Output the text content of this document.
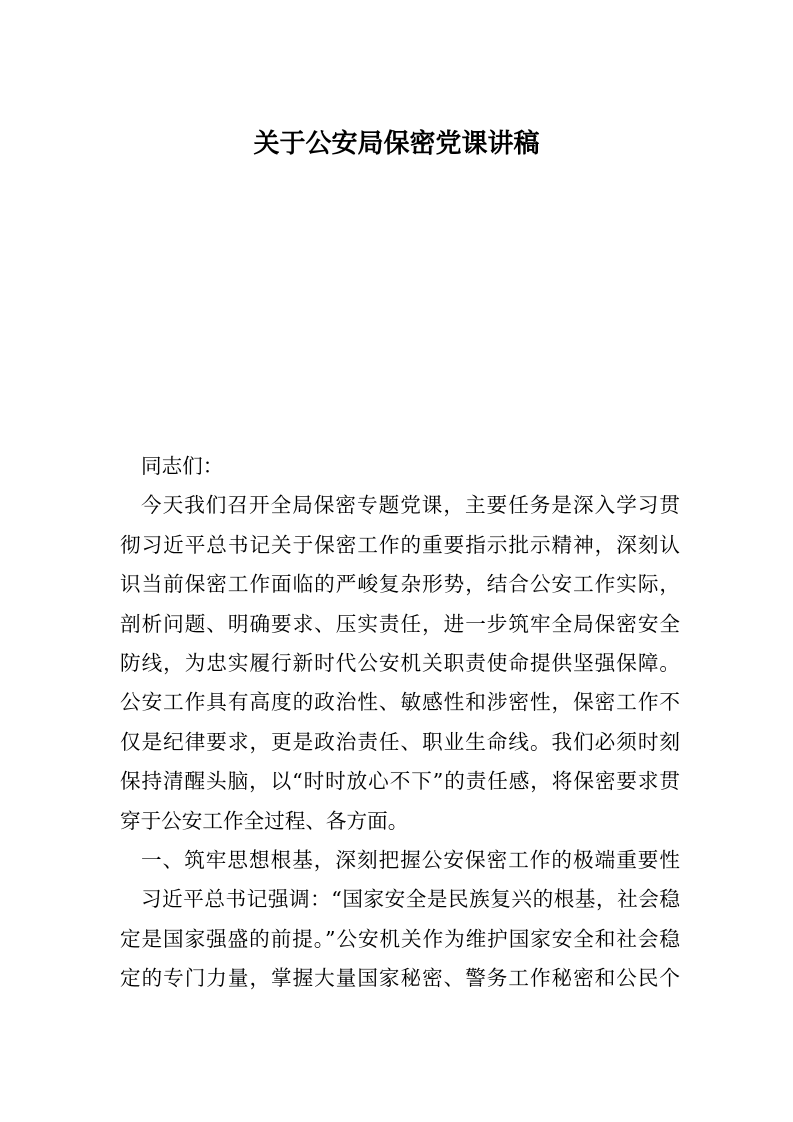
关于公安局保密党课讲稿
同志们：
今天我们召开全局保密专题党课，主要任务是深入学习贯
彻习近平总书记关于保密工作的重要指示批示精神，深刻认
识当前保密工作面临的严峻复杂形势，结合公安工作实际，
剖析问题、明确要求、压实责任，进一步筑牢全局保密安全
防线，为忠实履行新时代公安机关职责使命提供坚强保障。
公安工作具有高度的政治性、敏感性和涉密性，保密工作不
仅是纪律要求，更是政治责任、职业生命线。我们必须时刻
保持清醒头脑，以“时时放心不下”的责任感，将保密要求贯
穿于公安工作全过程、各方面。
一、筑牢思想根基，深刻把握公安保密工作的极端重要性
习近平总书记强调：“国家安全是民族复兴的根基，社会稳
定是国家强盛的前提。”公安机关作为维护国家安全和社会稳
定的专门力量，掌握大量国家秘密、警务工作秘密和公民个
